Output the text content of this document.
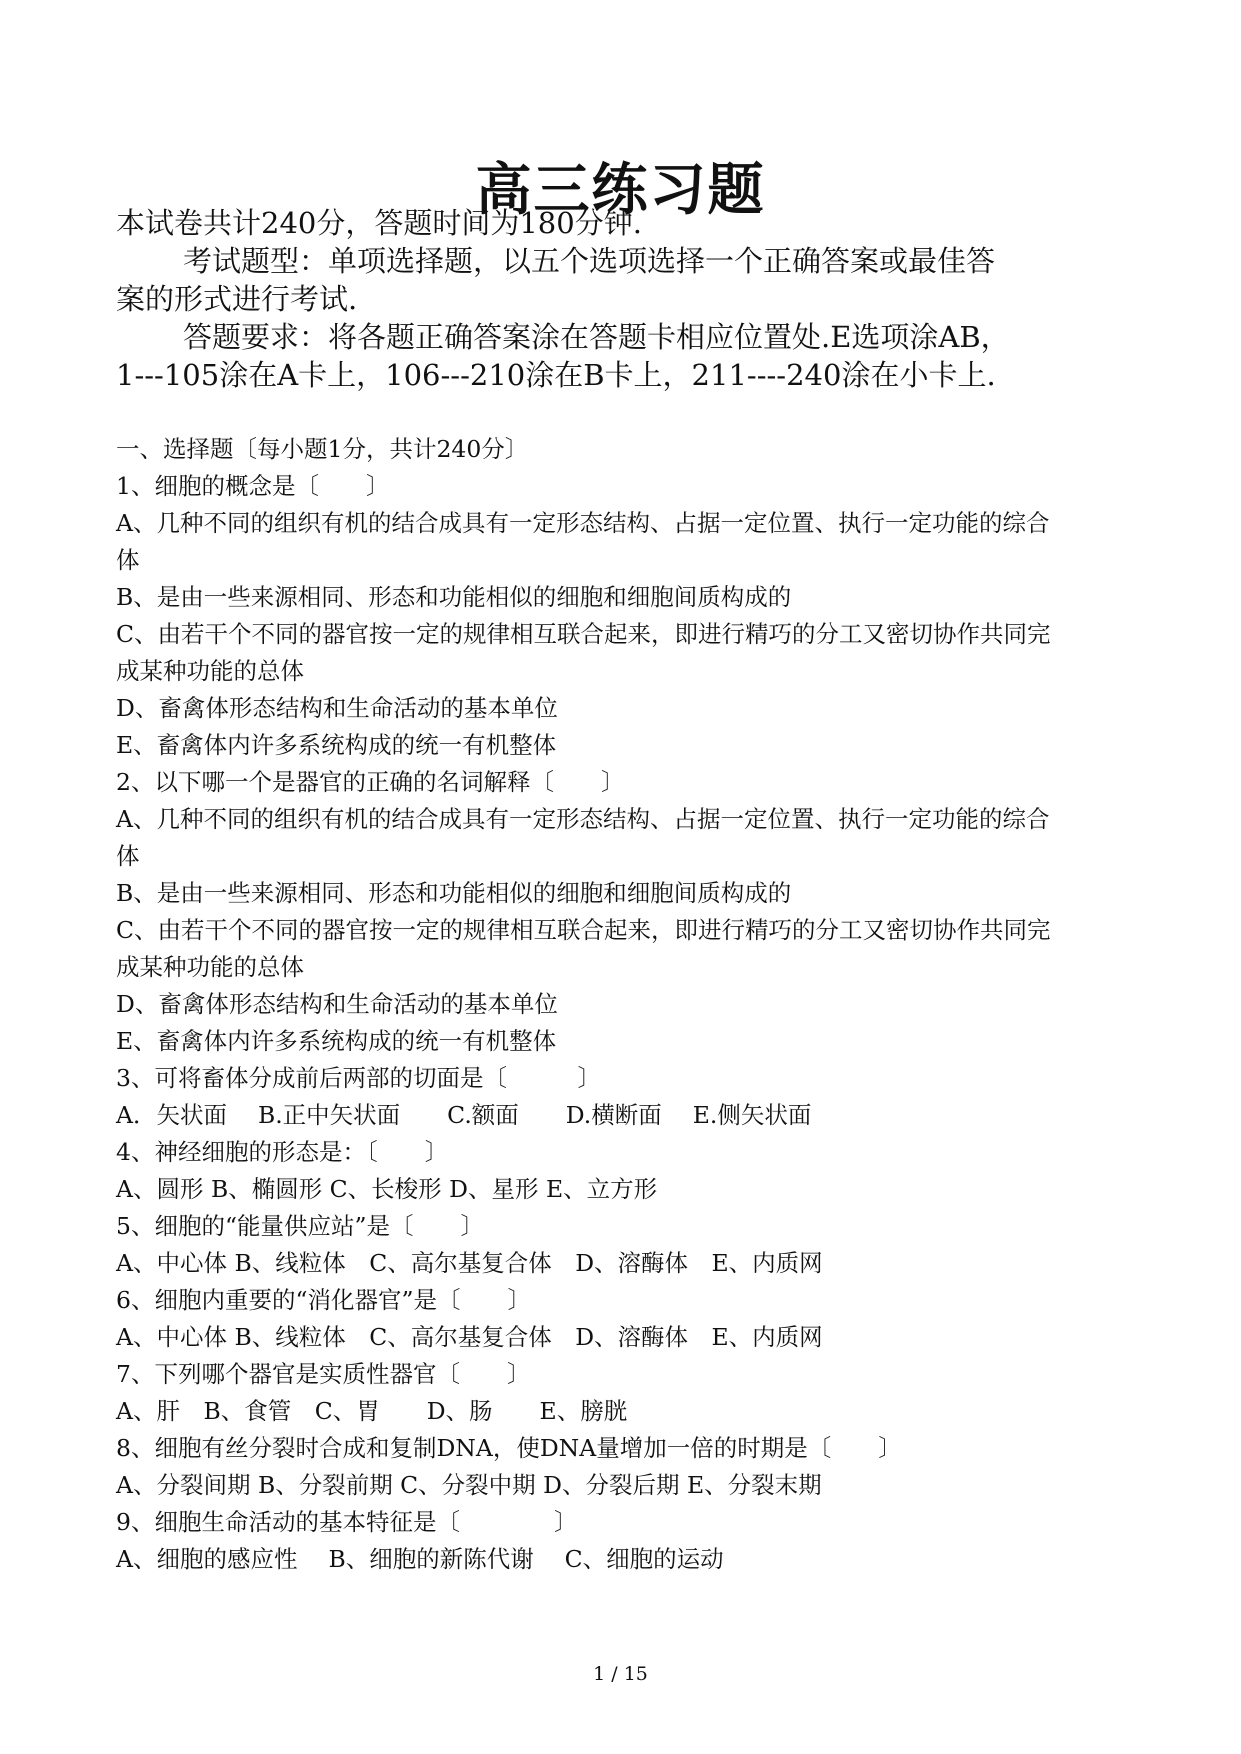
高三练习题
本试卷共计240分，答题时间为180分钟.
考试题型：单项选择题，以五个选项选择一个正确答案或最佳答
案的形式进行考试.
答题要求：将各题正确答案涂在答题卡相应位置处.E选项涂AB，
1---105涂在A卡上，106---210涂在B卡上，211----240涂在小卡上.
一、选择题〔每小题1分，共计240分〕
1、细胞的概念是〔　　〕
A、几种不同的组织有机的结合成具有一定形态结构、占据一定位置、执行一定功能的综合
体
B、是由一些来源相同、形态和功能相似的细胞和细胞间质构成的
C、由若干个不同的器官按一定的规律相互联合起来，即进行精巧的分工又密切协作共同完
成某种功能的总体
D、畜禽体形态结构和生命活动的基本单位
E、畜禽体内许多系统构成的统一有机整体
2、以下哪一个是器官的正确的名词解释〔　　〕
A、几种不同的组织有机的结合成具有一定形态结构、占据一定位置、执行一定功能的综合
体
B、是由一些来源相同、形态和功能相似的细胞和细胞间质构成的
C、由若干个不同的器官按一定的规律相互联合起来，即进行精巧的分工又密切协作共同完
成某种功能的总体
D、畜禽体形态结构和生命活动的基本单位
E、畜禽体内许多系统构成的统一有机整体
3、可将畜体分成前后两部的切面是〔　　　〕
A．矢状面　 B.正中矢状面　　C.额面　　D.横断面　 E.侧矢状面
4、神经细胞的形态是：〔　　〕
A、圆形 B、椭圆形 C、长梭形 D、星形 E、立方形
5、细胞的“能量供应站”是〔　　〕
A、中心体 B、线粒体　C、高尔基复合体　D、溶酶体　E、内质网
6、细胞内重要的“消化器官”是〔　　〕
A、中心体 B、线粒体　C、高尔基复合体　D、溶酶体　E、内质网
7、下列哪个器官是实质性器官〔　　〕
A、肝　B、食管　C、胃　　D、肠　　E、膀胱
8、细胞有丝分裂时合成和复制DNA，使DNA量增加一倍的时期是〔　　〕
A、分裂间期 B、分裂前期 C、分裂中期 D、分裂后期 E、分裂末期
9、细胞生命活动的基本特征是〔　　　　〕
A、细胞的感应性　 B、细胞的新陈代谢　 C、细胞的运动
1 / 15
